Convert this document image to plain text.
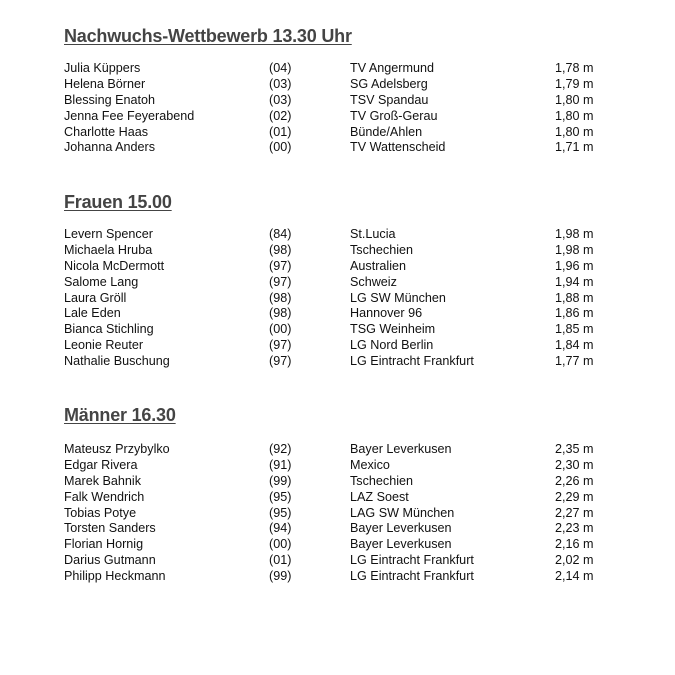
Nachwuchs-Wettbewerb 13.30 Uhr
Julia Küppers	(04)	TV Angermund	1,78 m
Helena Börner	(03)	SG Adelsberg	1,79 m
Blessing Enatoh	(03)	TSV Spandau	1,80 m
Jenna Fee Feyerabend	(02)	TV Groß-Gerau	1,80 m
Charlotte Haas	(01)	Bünde/Ahlen	1,80 m
Johanna Anders	(00)	TV Wattenscheid	1,71 m
Frauen 15.00
Levern Spencer	(84)	St.Lucia	1,98 m
Michaela Hruba	(98)	Tschechien	1,98 m
Nicola McDermott	(97)	Australien	1,96 m
Salome Lang	(97)	Schweiz	1,94 m
Laura Gröll	(98)	LG SW München	1,88 m
Lale Eden	(98)	Hannover 96	1,86 m
Bianca Stichling	(00)	TSG Weinheim	1,85 m
Leonie Reuter	(97)	LG Nord Berlin	1,84 m
Nathalie Buschung	(97)	LG Eintracht Frankfurt	1,77 m
Männer 16.30
Mateusz Przybylko	(92)	Bayer Leverkusen	2,35 m
Edgar Rivera	(91)	Mexico	2,30 m
Marek Bahnik	(99)	Tschechien	2,26 m
Falk Wendrich	(95)	LAZ Soest	2,29 m
Tobias Potye	(95)	LAG SW München	2,27 m
Torsten Sanders	(94)	Bayer Leverkusen	2,23 m
Florian Hornig	(00)	Bayer Leverkusen	2,16 m
Darius Gutmann	(01)	LG Eintracht Frankfurt	2,02 m
Philipp Heckmann	(99)	LG Eintracht Frankfurt	2,14 m
